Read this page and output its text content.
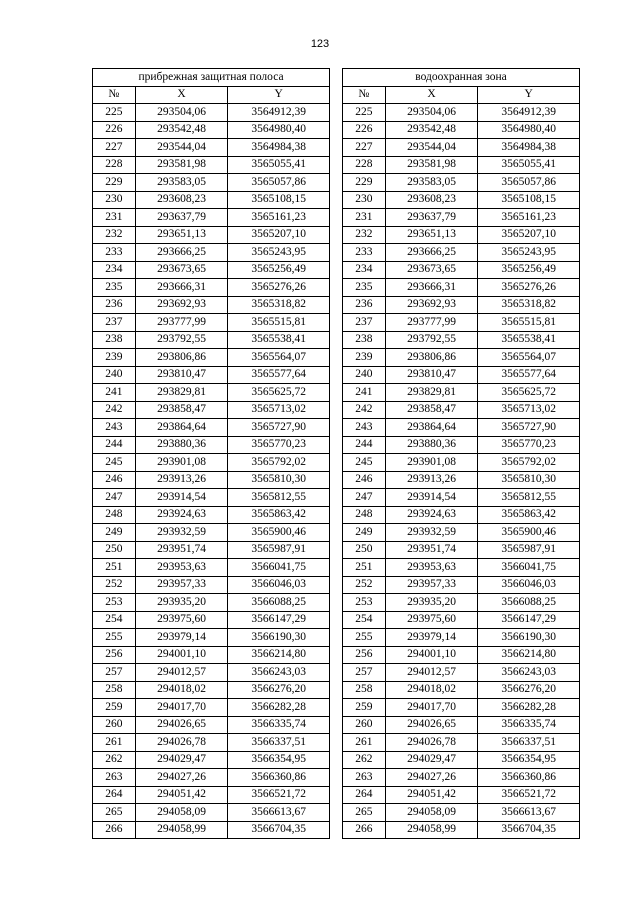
123
прибрежная защитная полоса		
№	X	Y
225	293504,06	3564912,39
226	293542,48	3564980,40
227	293544,04	3564984,38
228	293581,98	3565055,41
229	293583,05	3565057,86
230	293608,23	3565108,15
231	293637,79	3565161,23
232	293651,13	3565207,10
233	293666,25	3565243,95
234	293673,65	3565256,49
235	293666,31	3565276,26
236	293692,93	3565318,82
237	293777,99	3565515,81
238	293792,55	3565538,41
239	293806,86	3565564,07
240	293810,47	3565577,64
241	293829,81	3565625,72
242	293858,47	3565713,02
243	293864,64	3565727,90
244	293880,36	3565770,23
245	293901,08	3565792,02
246	293913,26	3565810,30
247	293914,54	3565812,55
248	293924,63	3565863,42
249	293932,59	3565900,46
250	293951,74	3565987,91
251	293953,63	3566041,75
252	293957,33	3566046,03
253	293935,20	3566088,25
254	293975,60	3566147,29
255	293979,14	3566190,30
256	294001,10	3566214,80
257	294012,57	3566243,03
258	294018,02	3566276,20
259	294017,70	3566282,28
260	294026,65	3566335,74
261	294026,78	3566337,51
262	294029,47	3566354,95
263	294027,26	3566360,86
264	294051,42	3566521,72
265	294058,09	3566613,67
266	294058,99	3566704,35
водоохранная зона		
№	X	Y
225	293504,06	3564912,39
226	293542,48	3564980,40
227	293544,04	3564984,38
228	293581,98	3565055,41
229	293583,05	3565057,86
230	293608,23	3565108,15
231	293637,79	3565161,23
232	293651,13	3565207,10
233	293666,25	3565243,95
234	293673,65	3565256,49
235	293666,31	3565276,26
236	293692,93	3565318,82
237	293777,99	3565515,81
238	293792,55	3565538,41
239	293806,86	3565564,07
240	293810,47	3565577,64
241	293829,81	3565625,72
242	293858,47	3565713,02
243	293864,64	3565727,90
244	293880,36	3565770,23
245	293901,08	3565792,02
246	293913,26	3565810,30
247	293914,54	3565812,55
248	293924,63	3565863,42
249	293932,59	3565900,46
250	293951,74	3565987,91
251	293953,63	3566041,75
252	293957,33	3566046,03
253	293935,20	3566088,25
254	293975,60	3566147,29
255	293979,14	3566190,30
256	294001,10	3566214,80
257	294012,57	3566243,03
258	294018,02	3566276,20
259	294017,70	3566282,28
260	294026,65	3566335,74
261	294026,78	3566337,51
262	294029,47	3566354,95
263	294027,26	3566360,86
264	294051,42	3566521,72
265	294058,09	3566613,67
266	294058,99	3566704,35
